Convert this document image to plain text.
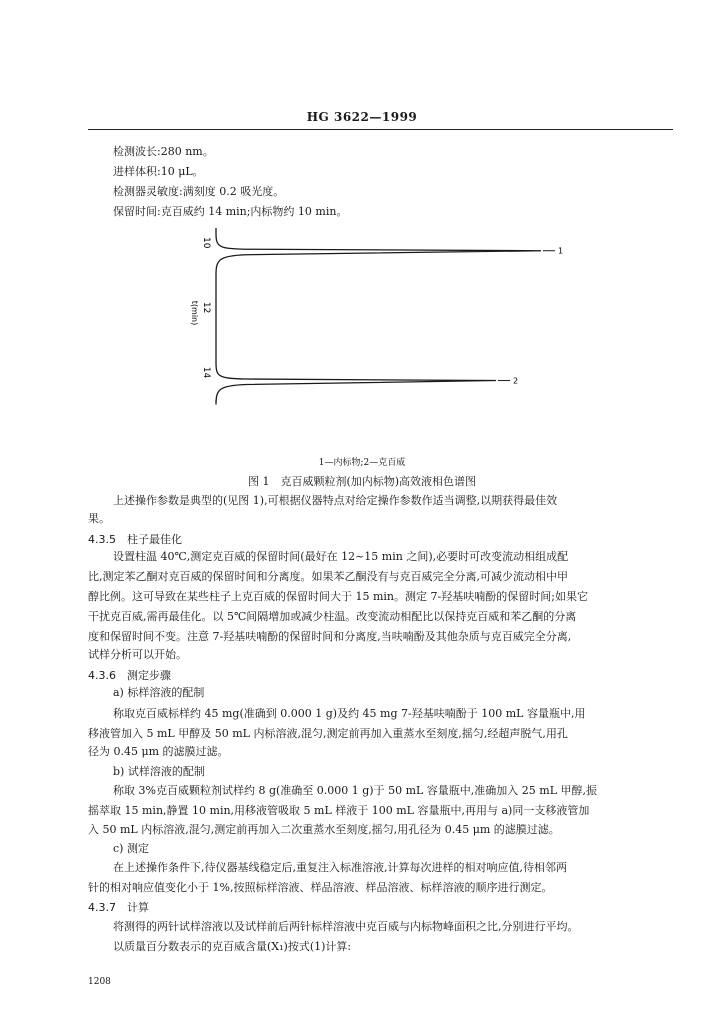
HG 3622—1999
检测波长:280 nm。
进样体积:10 μL。
检测器灵敏度:满刻度 0.2 吸光度。
保留时间:克百威约 14 min;内标物约 10 min。
t(min)
10
12
14
1
2
1—内标物;2—克百威
图 1　克百威颗粒剂(加内标物)高效液相色谱图
上述操作参数是典型的(见图 1),可根据仪器特点对给定操作参数作适当调整,以期获得最佳效
果。
4.3.5　柱子最佳化
设置柱温 40℃,测定克百威的保留时间(最好在 12~15 min 之间),必要时可改变流动相组成配
比,测定苯乙酮对克百威的保留时间和分离度。如果苯乙酮没有与克百威完全分离,可减少流动相中甲
醇比例。这可导致在某些柱子上克百威的保留时间大于 15 min。测定 7-羟基呋喃酚的保留时间;如果它
干扰克百威,需再最佳化。以 5℃间隔增加或减少柱温。改变流动相配比以保持克百威和苯乙酮的分离
度和保留时间不变。注意 7-羟基呋喃酚的保留时间和分离度,当呋喃酚及其他杂质与克百威完全分离,
试样分析可以开始。
4.3.6　测定步骤
a) 标样溶液的配制
称取克百威标样约 45 mg(准确到 0.000 1 g)及约 45 mg 7-羟基呋喃酚于 100 mL 容量瓶中,用
移液管加入 5 mL 甲醇及 50 mL 内标溶液,混匀,测定前再加入重蒸水至刻度,摇匀,经超声脱气,用孔
径为 0.45 μm 的滤膜过滤。
b) 试样溶液的配制
称取 3%克百威颗粒剂试样约 8 g(准确至 0.000 1 g)于 50 mL 容量瓶中,准确加入 25 mL 甲醇,振
摇萃取 15 min,静置 10 min,用移液管吸取 5 mL 样液于 100 mL 容量瓶中,再用与 a)同一支移液管加
入 50 mL 内标溶液,混匀,测定前再加入二次重蒸水至刻度,摇匀,用孔径为 0.45 μm 的滤膜过滤。
c) 测定
在上述操作条件下,待仪器基线稳定后,重复注入标准溶液,计算每次进样的相对响应值,待相邻两
针的相对响应值变化小于 1%,按照标样溶液、样品溶液、样品溶液、标样溶液的顺序进行测定。
4.3.7　计算
将测得的两针试样溶液以及试样前后两针标样溶液中克百威与内标物峰面积之比,分别进行平均。
以质量百分数表示的克百威含量(X₁)按式(1)计算:
1208
